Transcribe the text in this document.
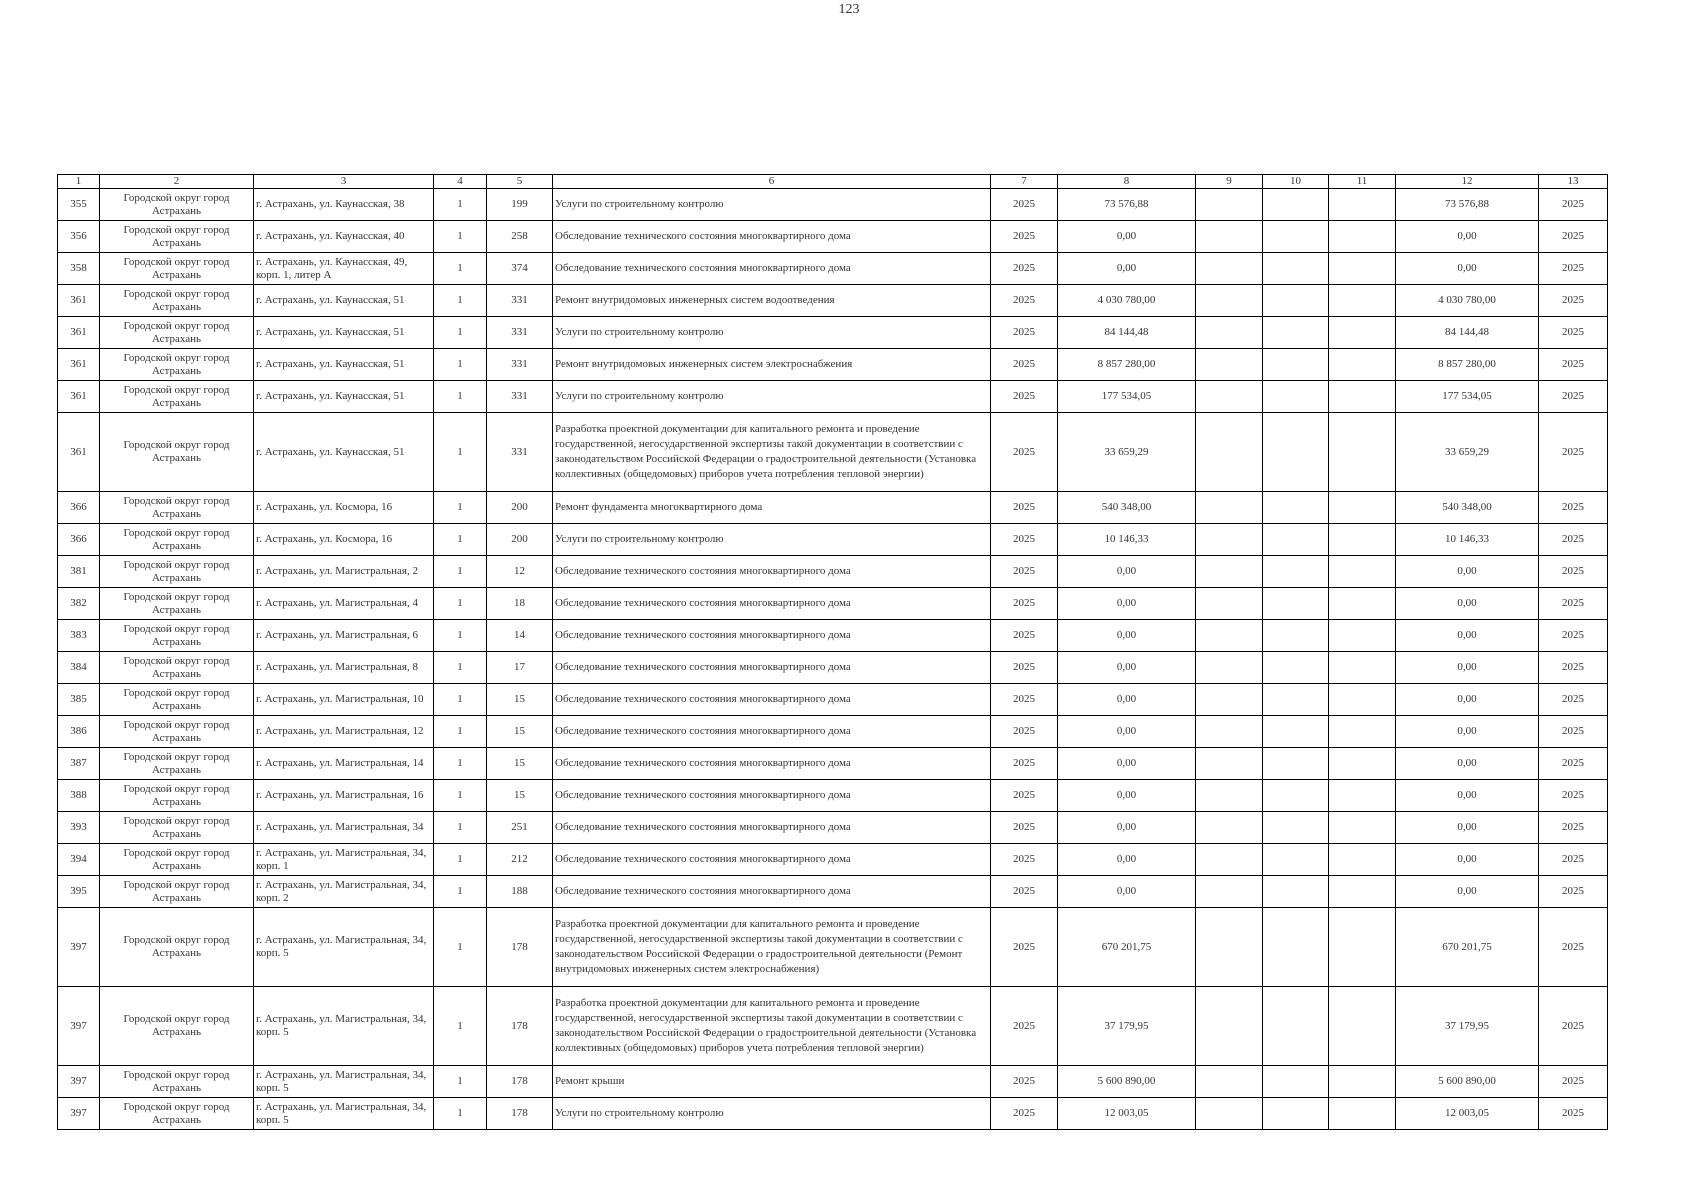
123
1	2	3	4	5	6	7	8	9	10	11	12	13
355	Городской округ город Астрахань	г. Астрахань, ул. Каунасская, 38	1	199	Услуги по строительному контролю	2025	73 576,88				73 576,88	2025
356	Городской округ город Астрахань	г. Астрахань, ул. Каунасская, 40	1	258	Обследование технического состояния многоквартирного дома	2025	0,00				0,00	2025
358	Городской округ город Астрахань	г. Астрахань, ул. Каунасская, 49, корп. 1, литер А	1	374	Обследование технического состояния многоквартирного дома	2025	0,00				0,00	2025
361	Городской округ город Астрахань	г. Астрахань, ул. Каунасская, 51	1	331	Ремонт внутридомовых инженерных систем водоотведения	2025	4 030 780,00				4 030 780,00	2025
361	Городской округ город Астрахань	г. Астрахань, ул. Каунасская, 51	1	331	Услуги по строительному контролю	2025	84 144,48				84 144,48	2025
361	Городской округ город Астрахань	г. Астрахань, ул. Каунасская, 51	1	331	Ремонт внутридомовых инженерных систем электроснабжения	2025	8 857 280,00				8 857 280,00	2025
361	Городской округ город Астрахань	г. Астрахань, ул. Каунасская, 51	1	331	Услуги по строительному контролю	2025	177 534,05				177 534,05	2025
361	Городской округ город Астрахань	г. Астрахань, ул. Каунасская, 51	1	331	Разработка проектной документации для капитального ремонта и проведение государственной, негосударственной экспертизы такой документации в соответствии с законодательством Российской Федерации о градостроительной деятельности (Установка коллективных (общедомовых) приборов учета потребления тепловой энергии)	2025	33 659,29				33 659,29	2025
366	Городской округ город Астрахань	г. Астрахань, ул. Космора, 16	1	200	Ремонт фундамента многоквартирного дома	2025	540 348,00				540 348,00	2025
366	Городской округ город Астрахань	г. Астрахань, ул. Космора, 16	1	200	Услуги по строительному контролю	2025	10 146,33				10 146,33	2025
381	Городской округ город Астрахань	г. Астрахань, ул. Магистральная, 2	1	12	Обследование технического состояния многоквартирного дома	2025	0,00				0,00	2025
382	Городской округ город Астрахань	г. Астрахань, ул. Магистральная, 4	1	18	Обследование технического состояния многоквартирного дома	2025	0,00				0,00	2025
383	Городской округ город Астрахань	г. Астрахань, ул. Магистральная, 6	1	14	Обследование технического состояния многоквартирного дома	2025	0,00				0,00	2025
384	Городской округ город Астрахань	г. Астрахань, ул. Магистральная, 8	1	17	Обследование технического состояния многоквартирного дома	2025	0,00				0,00	2025
385	Городской округ город Астрахань	г. Астрахань, ул. Магистральная, 10	1	15	Обследование технического состояния многоквартирного дома	2025	0,00				0,00	2025
386	Городской округ город Астрахань	г. Астрахань, ул. Магистральная, 12	1	15	Обследование технического состояния многоквартирного дома	2025	0,00				0,00	2025
387	Городской округ город Астрахань	г. Астрахань, ул. Магистральная, 14	1	15	Обследование технического состояния многоквартирного дома	2025	0,00				0,00	2025
388	Городской округ город Астрахань	г. Астрахань, ул. Магистральная, 16	1	15	Обследование технического состояния многоквартирного дома	2025	0,00				0,00	2025
393	Городской округ город Астрахань	г. Астрахань, ул. Магистральная, 34	1	251	Обследование технического состояния многоквартирного дома	2025	0,00				0,00	2025
394	Городской округ город Астрахань	г. Астрахань, ул. Магистральная, 34, корп. 1	1	212	Обследование технического состояния многоквартирного дома	2025	0,00				0,00	2025
395	Городской округ город Астрахань	г. Астрахань, ул. Магистральная, 34, корп. 2	1	188	Обследование технического состояния многоквартирного дома	2025	0,00				0,00	2025
397	Городской округ город Астрахань	г. Астрахань, ул. Магистральная, 34, корп. 5	1	178	Разработка проектной документации для капитального ремонта и проведение государственной, негосударственной экспертизы такой документации в соответствии с законодательством Российской Федерации о градостроительной деятельности (Ремонт внутридомовых инженерных систем электроснабжения)	2025	670 201,75				670 201,75	2025
397	Городской округ город Астрахань	г. Астрахань, ул. Магистральная, 34, корп. 5	1	178	Разработка проектной документации для капитального ремонта и проведение государственной, негосударственной экспертизы такой документации в соответствии с законодательством Российской Федерации о градостроительной деятельности (Установка коллективных (общедомовых) приборов учета потребления тепловой энергии)	2025	37 179,95				37 179,95	2025
397	Городской округ город Астрахань	г. Астрахань, ул. Магистральная, 34, корп. 5	1	178	Ремонт крыши	2025	5 600 890,00				5 600 890,00	2025
397	Городской округ город Астрахань	г. Астрахань, ул. Магистральная, 34, корп. 5	1	178	Услуги по строительному контролю	2025	12 003,05				12 003,05	2025
